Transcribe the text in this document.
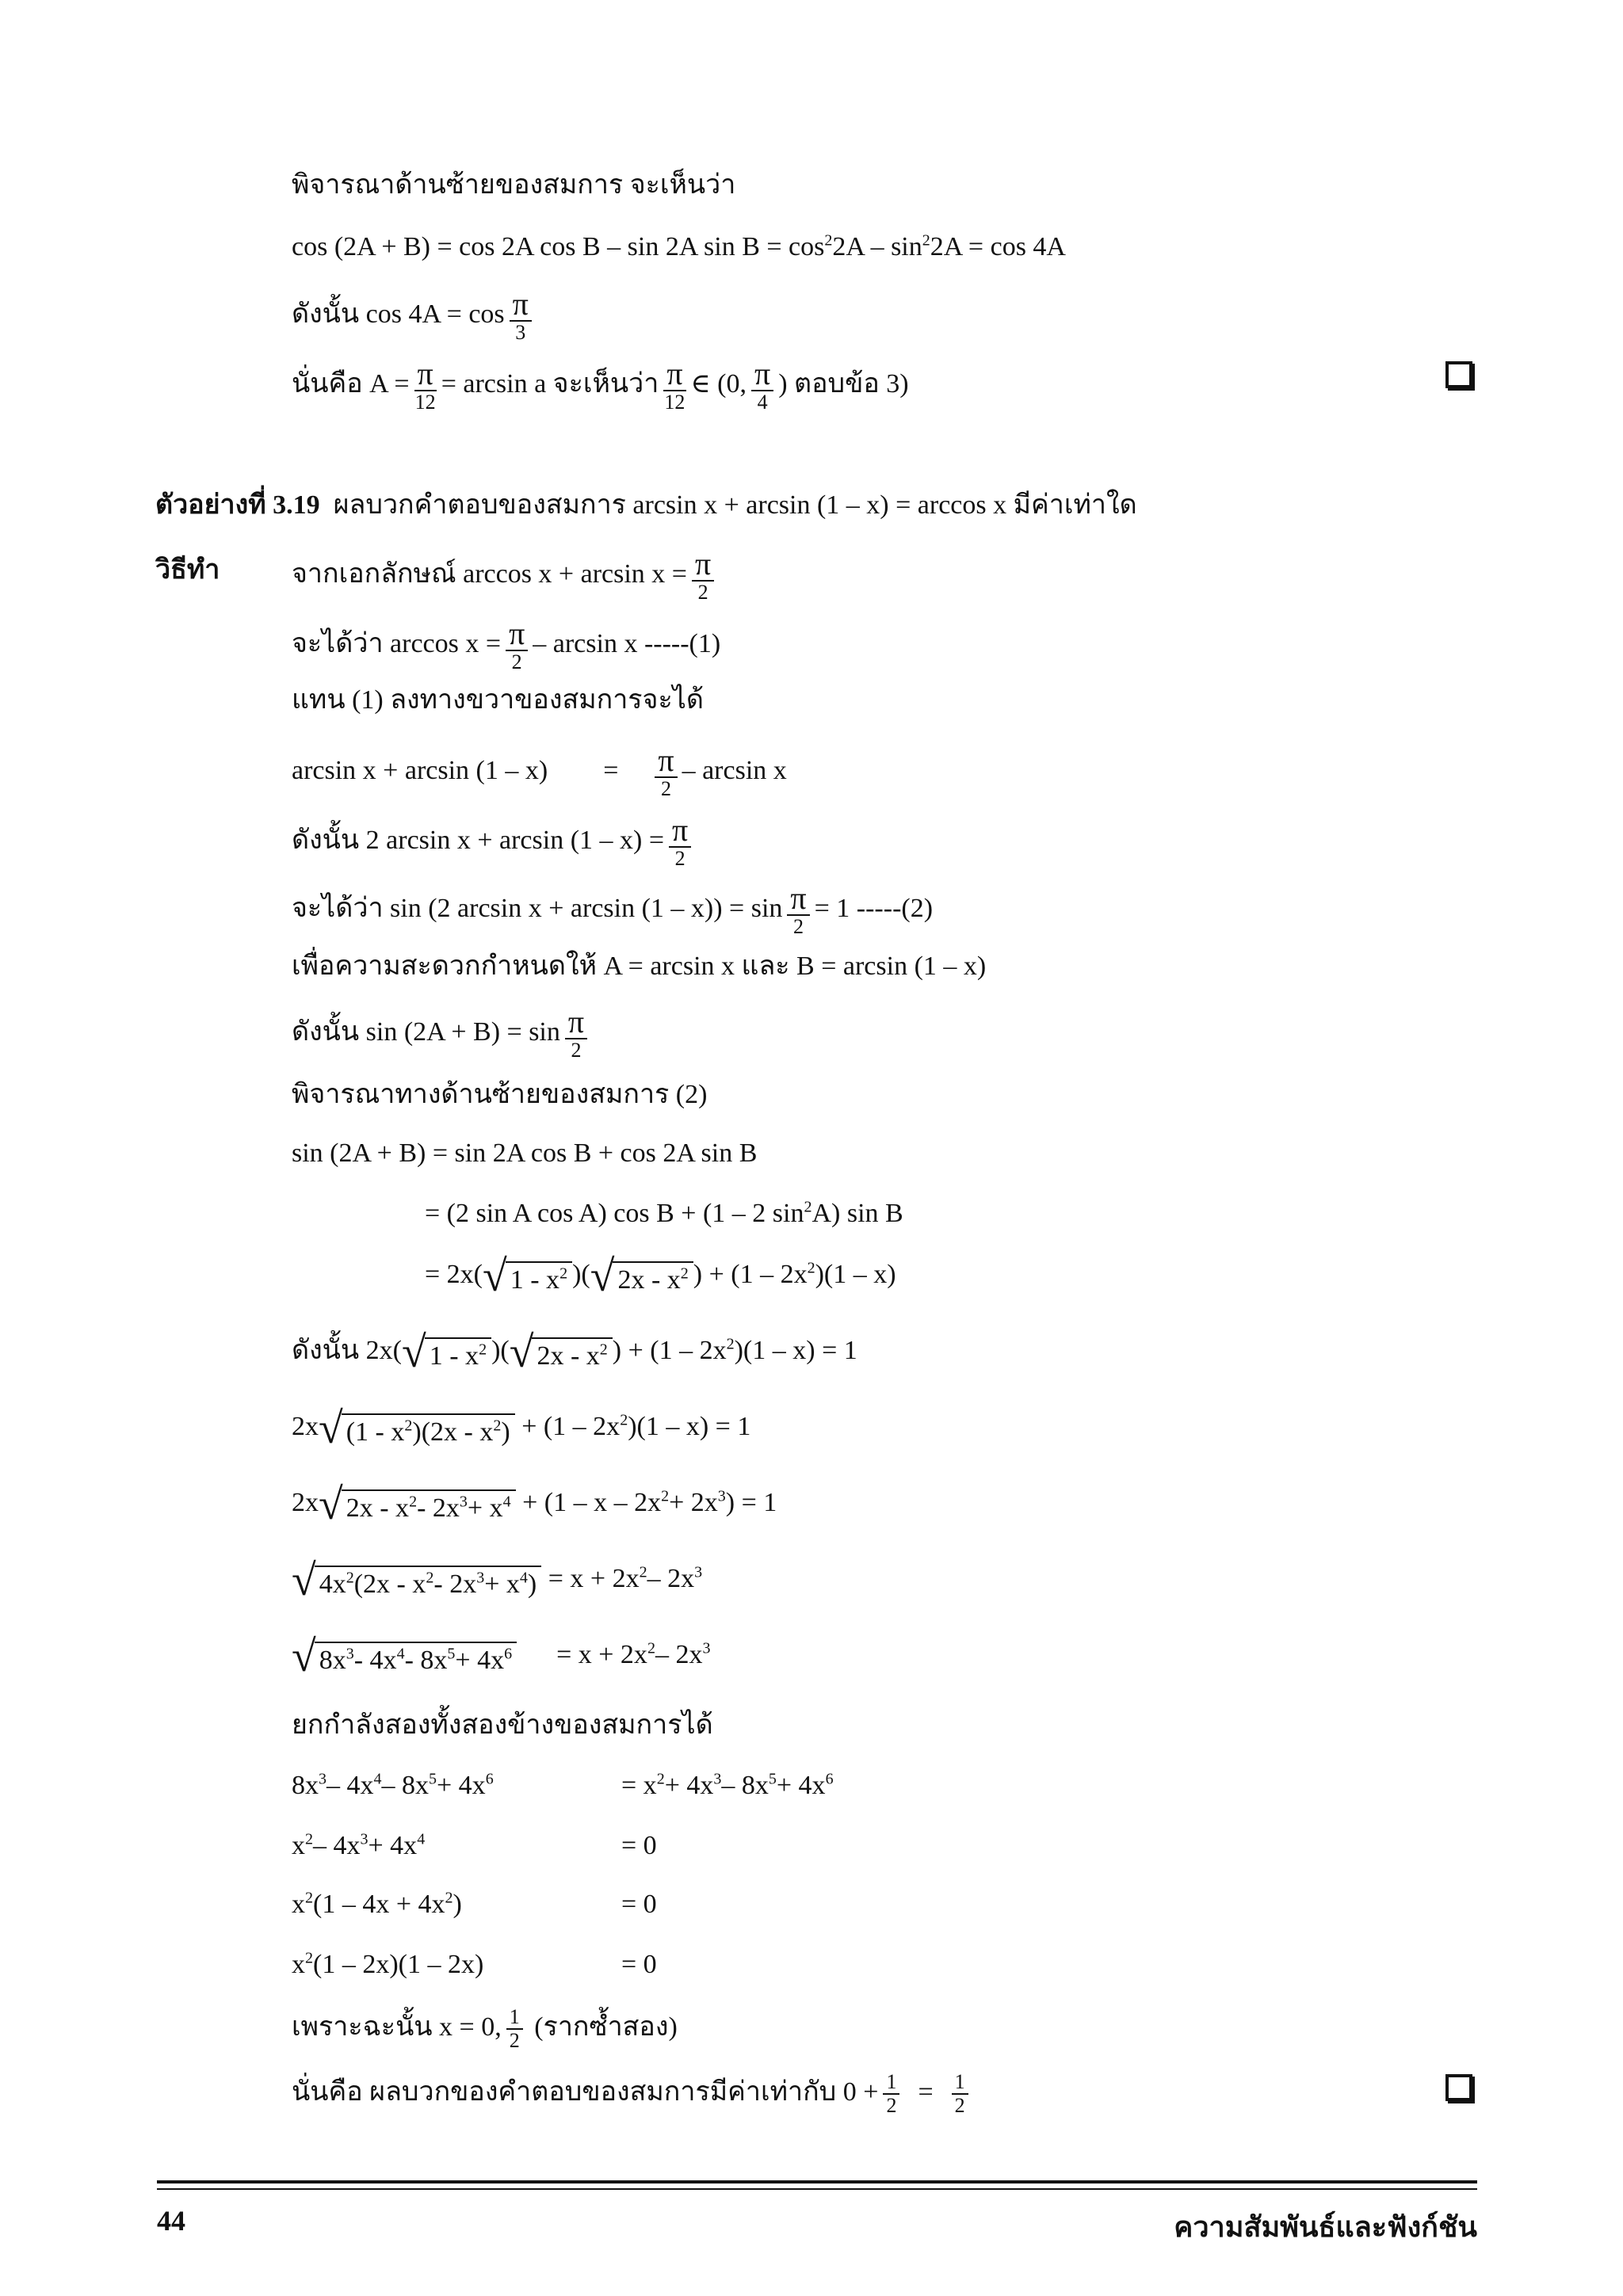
พิจารณาด้านซ้ายของสมการ จะเห็นว่า
cos (2A + B) = cos 2A cos B – sin 2A $\sin B = \cos^22A - \sin^22A = \cos 4A$
ดังนั้น $\cos 4A = \cos \frac{\pi}{3}$
นั่นคือ $A = \frac{\pi}{12} = \arcsin a$ จะเห็นว่า $\frac{\pi}{12}$ ∈ (0, $\frac{\pi}{4}$ ) ตอบข้อ 3)
ตัวอย่างที่ 3.19 ผลบวกคำตอบของสมการ arcsin x + arcsin (1 – x) = arccos x มีค่าเท่าใด
วิธีทำ	จากเอกลักษณ์ $\arccos x + \arcsin x = \frac{\pi}{2}$
จะได้ว่า $\arccos x = \frac{\pi}{2} - \arcsin x$ -----(1)
แทน (1) ลงทางขวาของสมการจะได้
$\arcsin x + \arcsin (1 - x) = \frac{\pi}{2} - \arcsin x$
ดังนั้น 2 $\arcsin x + \arcsin (1 - x) = \frac{\pi}{2}$
จะได้ว่า sin (2 $\arcsin x + \arcsin (1 - x)) = \sin \frac{\pi}{2} = 1$ -----(2)
เพื่อความสะดวกกำหนดให้ A = arcsin x และ B = arcsin (1 – x)
ดังนั้น $\sin (2A + B) = \sin \frac{\pi}{2}$
พิจารณาทางด้านซ้ายของสมการ (2)
sin (2A + B) = sin 2A cos B + cos 2A sin B
= (2 sin A cos A) cos B + (1 – 2 $\sin^2A$) sin B
= 2x( √ $1 - x^2$ )( √ $2x - x^2$ ) + $(1 - 2x^2)(1 - x)$
ดังนั้น 2x( √ $1 - x^2$ )( √ $2x - x^2$ ) + $(1 - 2x^2)(1 - x) = 1$
2x √ $(1 - x^2)(2x - x^2) + (1 - 2x^2)(1 - x) = 1$
2x √ $2x - x^2-$ $2x^3+ x^4 + (1 - x - 2x^2+ 2x^3) = 1$
√ $4x^2(2x - x^2-$ $2x^3+ x^4) = x + 2x^2-$ $2x^3$
√ $8x^3-$ $4x^4-$ $8x^5+ 4x^6 = x + 2x^2-$ $2x^3$
ยกกำลังสองทั้งสองข้างของสมการได้
$8x^3-$ $4x^4-$ $8x^5+ 4x^6$	= $x^2+ 4x^3-$ $8x^5+ 4x^6$
$x^2-$ $4x^3+ 4x^4$	= 0
$x^2(1 - 4x + 4x^2)$	= 0
$x^2(1 - 2x)(1 - 2x)$	= 0
เพราะฉะนั้น x = 0, $\frac{1}{2}$ (รากซ้ำสอง)
นั่นคือ ผลบวกของคำตอบของสมการมีค่าเท่ากับ $0 + \frac{1}{2} = \frac{1}{2}$
44	ความสัมพันธ์และฟังก์ชัน
